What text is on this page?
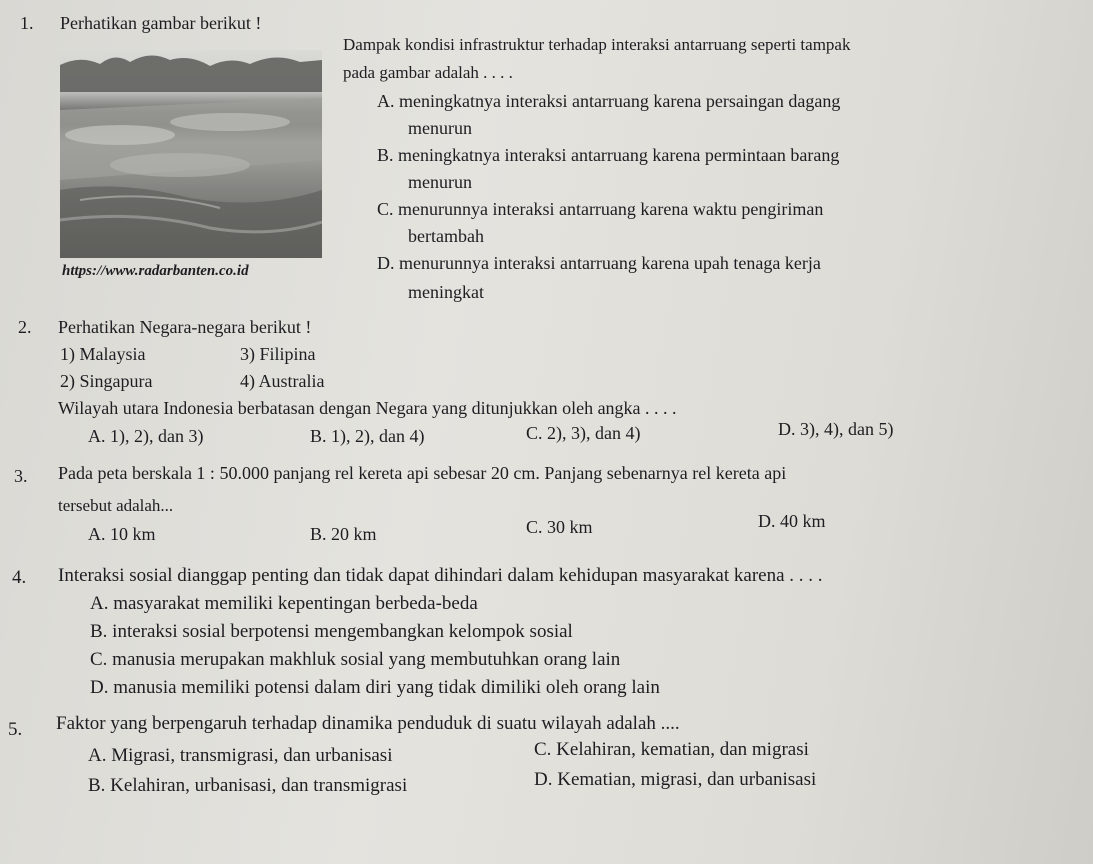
1. Perhatikan gambar berikut !
https://www.radarbanten.co.id
Dampak kondisi infrastruktur terhadap interaksi antarruang seperti tampak
pada gambar adalah . . . .
A. meningkatnya interaksi antarruang karena persaingan dagang
menurun
B. meningkatnya interaksi antarruang karena permintaan barang
menurun
C. menurunnya interaksi antarruang karena waktu pengiriman
bertambah
D. menurunnya interaksi antarruang karena upah tenaga kerja
meningkat
2. Perhatikan Negara-negara berikut !
1) Malaysia
2) Singapura
3) Filipina
4) Australia
Wilayah utara Indonesia berbatasan dengan Negara yang ditunjukkan oleh angka . . . .
A. 1), 2), dan 3)	B. 1), 2), dan 4)	C. 2), 3), dan 4)	D. 3), 4), dan 5)
3. Pada peta berskala 1 : 50.000 panjang rel kereta api sebesar 20 cm. Panjang sebenarnya rel kereta api
tersebut adalah...
A. 10 km	B. 20 km	C. 30 km	D. 40 km
4. Interaksi sosial dianggap penting dan tidak dapat dihindari dalam kehidupan masyarakat karena . . . .
A. masyarakat memiliki kepentingan berbeda-beda
B. interaksi sosial berpotensi mengembangkan kelompok sosial
C. manusia merupakan makhluk sosial yang membutuhkan orang lain
D. manusia memiliki potensi dalam diri yang tidak dimiliki oleh orang lain
5. Faktor yang berpengaruh terhadap dinamika penduduk di suatu wilayah adalah ....
A. Migrasi, transmigrasi, dan urbanisasi
B. Kelahiran, urbanisasi, dan transmigrasi
C. Kelahiran, kematian, dan migrasi
D. Kematian, migrasi, dan urbanisasi
